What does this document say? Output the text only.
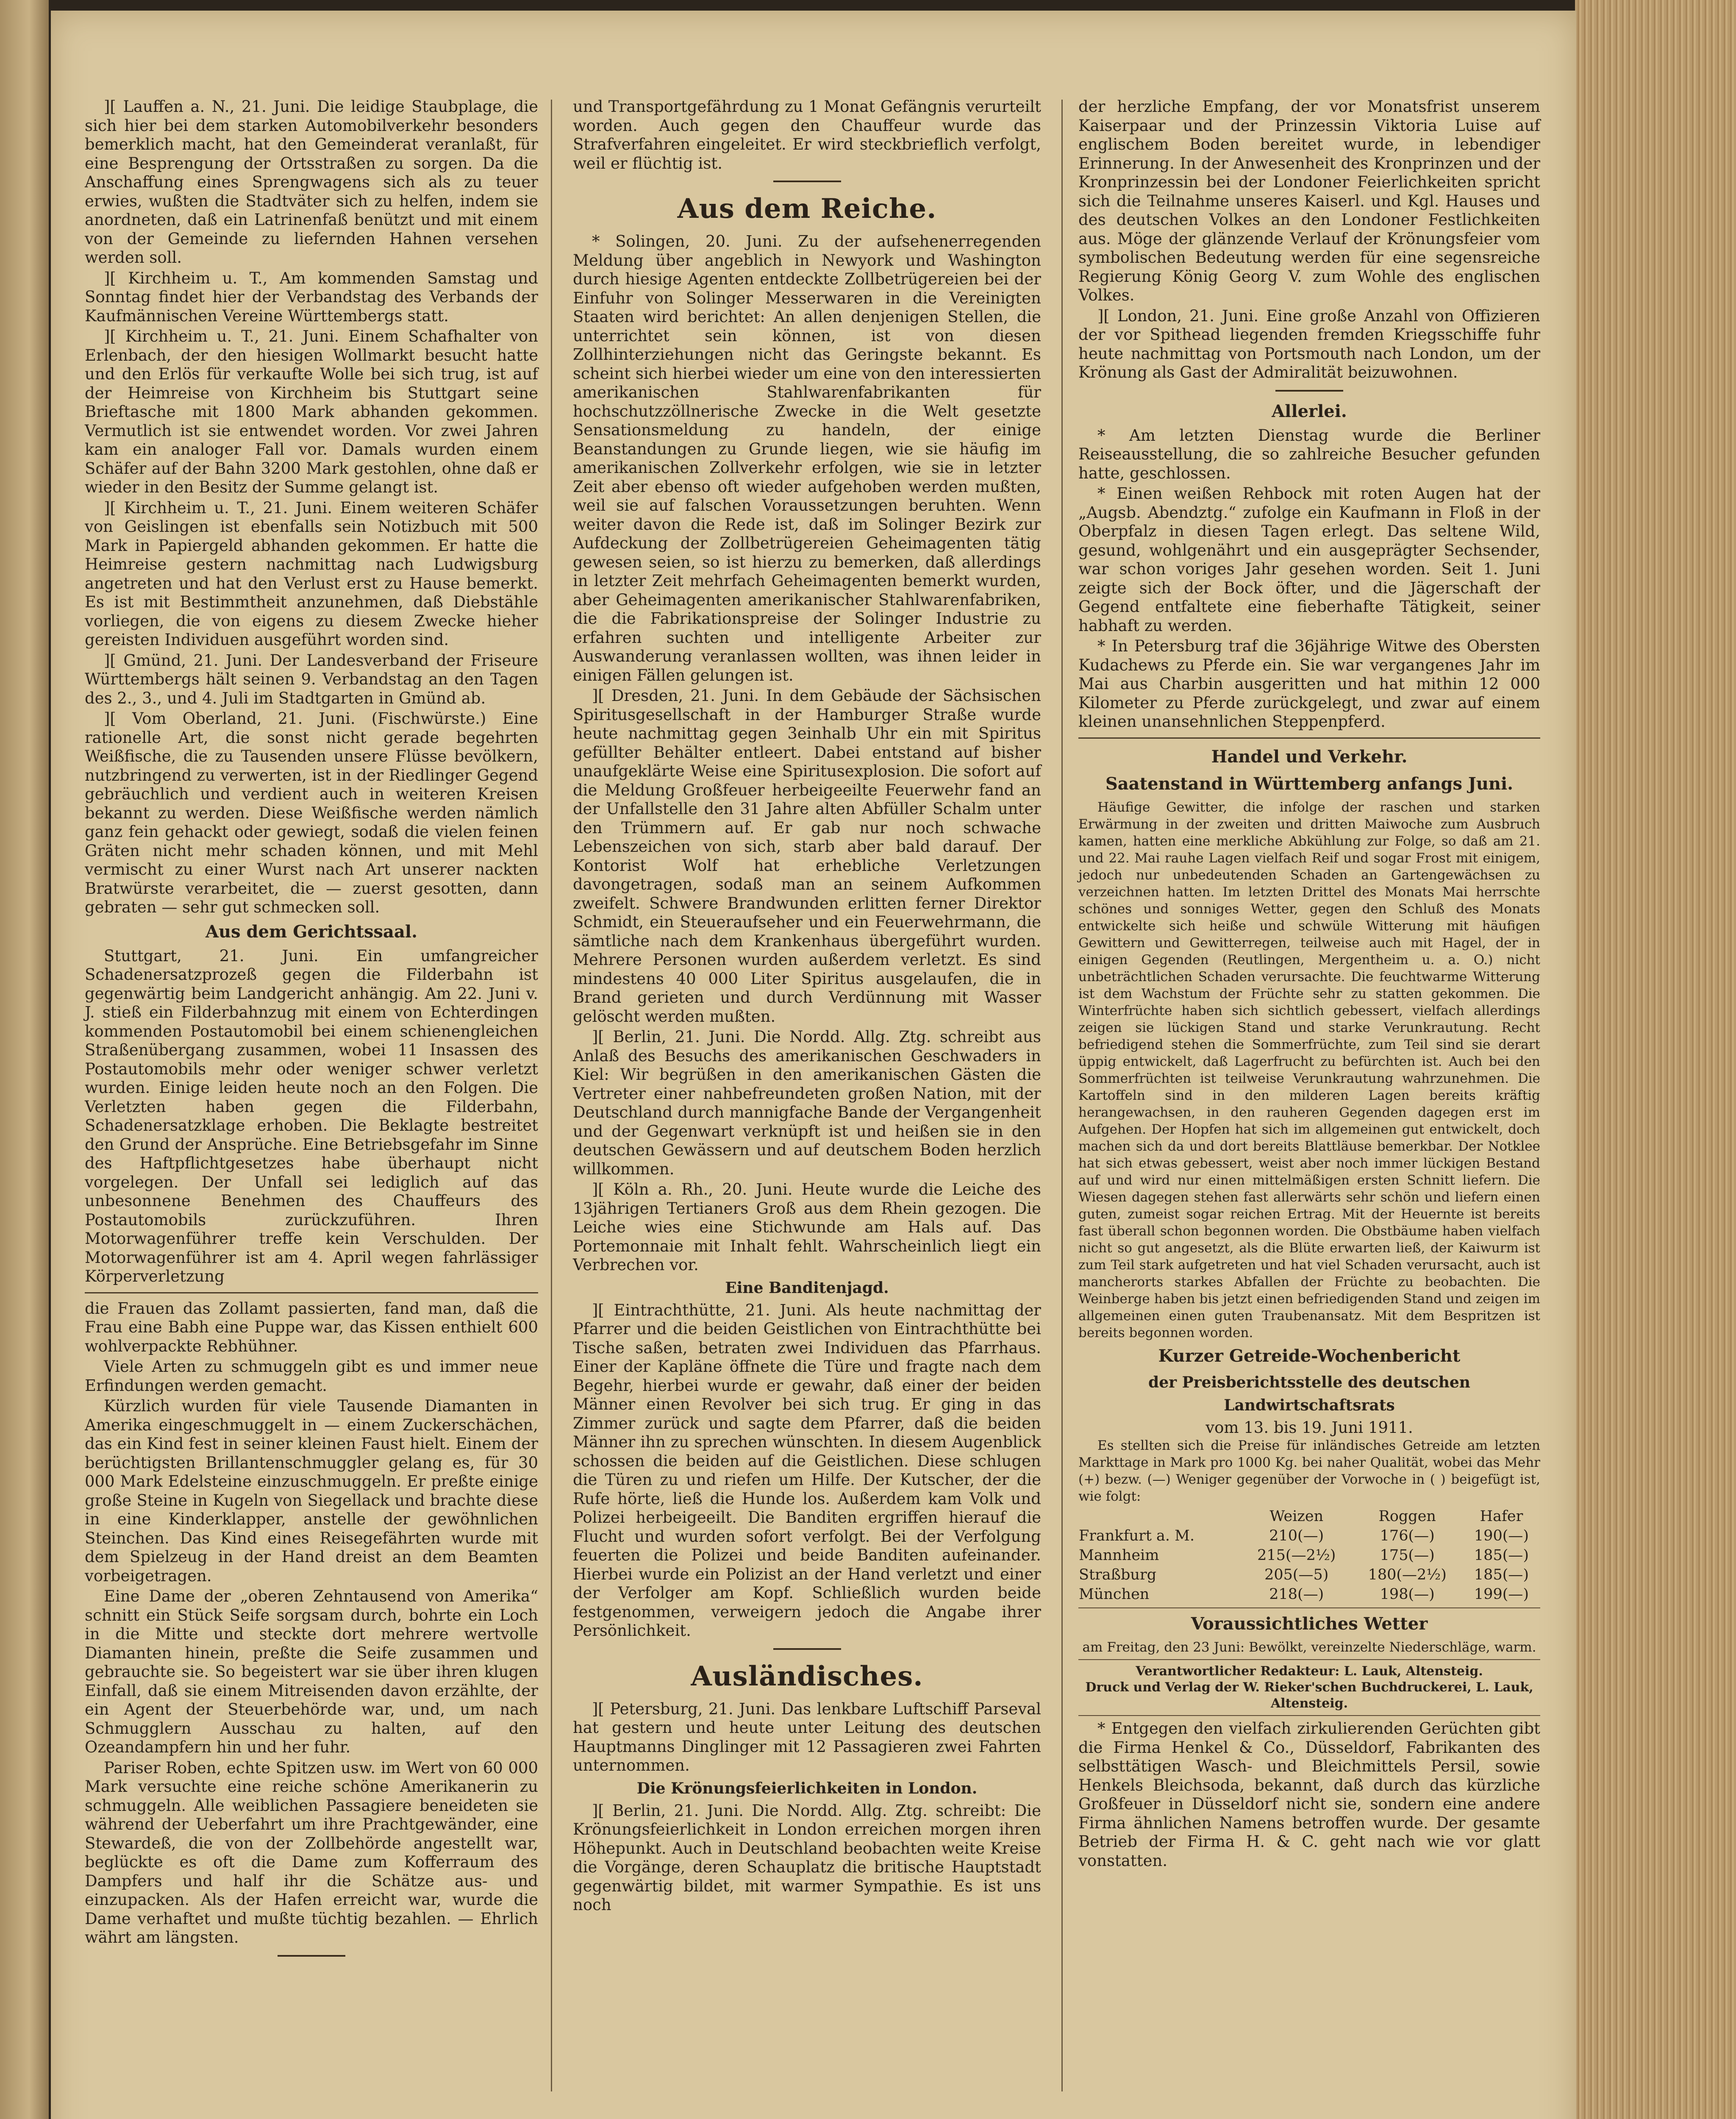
][ Lauffen a. N., 21. Juni. Die leidige Staubplage, die sich hier bei dem starken Automobilverkehr besonders bemerklich macht, hat den Gemeinderat veranlaßt, für eine Besprengung der Ortsstraßen zu sorgen. Da die Anschaffung eines Sprengwagens sich als zu teuer erwies, wußten die Stadtväter sich zu helfen, indem sie anordneten, daß ein Latrinenfaß benützt und mit einem von der Gemeinde zu liefernden Hahnen versehen werden soll.

][ Kirchheim u. T., Am kommenden Samstag und Sonntag findet hier der Verbandstag des Verbands der Kaufmännischen Vereine Württembergs statt.

][ Kirchheim u. T., 21. Juni. Einem Schafhalter von Erlenbach, der den hiesigen Wollmarkt besucht hatte und den Erlös für verkaufte Wolle bei sich trug, ist auf der Heimreise von Kirchheim bis Stuttgart seine Brieftasche mit 1800 Mark abhanden gekommen. Vermutlich ist sie entwendet worden. Vor zwei Jahren kam ein analoger Fall vor. Damals wurden einem Schäfer auf der Bahn 3200 Mark gestohlen, ohne daß er wieder in den Besitz der Summe gelangt ist.

][ Kirchheim u. T., 21. Juni. Einem weiteren Schäfer von Geislingen ist ebenfalls sein Notizbuch mit 500 Mark in Papiergeld abhanden gekommen. Er hatte die Heimreise gestern nachmittag nach Ludwigsburg angetreten und hat den Verlust erst zu Hause bemerkt. Es ist mit Bestimmtheit anzunehmen, daß Diebstähle vorliegen, die von eigens zu diesem Zwecke hieher gereisten Individuen ausgeführt worden sind.

][ Gmünd, 21. Juni. Der Landesverband der Friseure Württembergs hält seinen 9. Verbandstag an den Tagen des 2., 3., und 4. Juli im Stadtgarten in Gmünd ab.

][ Vom Oberland, 21. Juni. (Fischwürste.) Eine rationelle Art, die sonst nicht gerade begehrten Weißfische, die zu Tausenden unsere Flüsse bevölkern, nutzbringend zu verwerten, ist in der Riedlinger Gegend gebräuchlich und verdient auch in weiteren Kreisen bekannt zu werden. Diese Weißfische werden nämlich ganz fein gehackt oder gewiegt, sodaß die vielen feinen Gräten nicht mehr schaden können, und mit Mehl vermischt zu einer Wurst nach Art unserer nackten Bratwürste verarbeitet, die — zuerst gesotten, dann gebraten — sehr gut schmecken soll.

Aus dem Gerichtssaal.

Stuttgart, 21. Juni. Ein umfangreicher Schadenersatzprozeß gegen die Filderbahn ist gegenwärtig beim Landgericht anhängig. Am 22. Juni v. J. stieß ein Filderbahnzug mit einem von Echterdingen kommenden Postautomobil bei einem schienengleichen Straßenübergang zusammen, wobei 11 Insassen des Postautomobils mehr oder weniger schwer verletzt wurden. Einige leiden heute noch an den Folgen. Die Verletzten haben gegen die Filderbahn, Schadenersatzklage erhoben. Die Beklagte bestreitet den Grund der Ansprüche. Eine Betriebsgefahr im Sinne des Haftpflichtgesetzes habe überhaupt nicht vorgelegen. Der Unfall sei lediglich auf das unbesonnene Benehmen des Chauffeurs des Postautomobils zurückzuführen. Ihren Motorwagenführer treffe kein Verschulden. Der Motorwagenführer ist am 4. April wegen fahrlässiger Körperverletzung

die Frauen das Zollamt passierten, fand man, daß die Frau eine Babh eine Puppe war, das Kissen enthielt 600 wohlverpackte Rebhühner.

Viele Arten zu schmuggeln gibt es und immer neue Erfindungen werden gemacht.

Kürzlich wurden für viele Tausende Diamanten in Amerika eingeschmuggelt in — einem Zuckerschächen, das ein Kind fest in seiner kleinen Faust hielt. Einem der berüchtigsten Brillantenschmuggler gelang es, für 30 000 Mark Edelsteine einzuschmuggeln. Er preßte einige große Steine in Kugeln von Siegellack und brachte diese in eine Kinderklapper, anstelle der gewöhnlichen Steinchen. Das Kind eines Reisegefährten wurde mit dem Spielzeug in der Hand dreist an dem Beamten vorbeigetragen.

Eine Dame der „oberen Zehntausend von Amerika“ schnitt ein Stück Seife sorgsam durch, bohrte ein Loch in die Mitte und steckte dort mehrere wertvolle Diamanten hinein, preßte die Seife zusammen und gebrauchte sie. So begeistert war sie über ihren klugen Einfall, daß sie einem Mitreisenden davon erzählte, der ein Agent der Steuerbehörde war, und, um nach Schmugglern Ausschau zu halten, auf den Ozeandampfern hin und her fuhr.

Pariser Roben, echte Spitzen usw. im Wert von 60 000 Mark versuchte eine reiche schöne Amerikanerin zu schmuggeln. Alle weiblichen Passagiere beneideten sie während der Ueberfahrt um ihre Prachtgewänder, eine Stewardeß, die von der Zollbehörde angestellt war, beglückte es oft die Dame zum Kofferraum des Dampfers und half ihr die Schätze aus- und einzupacken. Als der Hafen erreicht war, wurde die Dame verhaftet und mußte tüchtig bezahlen. — Ehrlich währt am längsten.

und Transportgefährdung zu 1 Monat Gefängnis verurteilt worden. Auch gegen den Chauffeur wurde das Strafverfahren eingeleitet. Er wird steckbrieflich verfolgt, weil er flüchtig ist.

Aus dem Reiche.

* Solingen, 20. Juni. Zu der aufsehenerregenden Meldung über angeblich in Newyork und Washington durch hiesige Agenten entdeckte Zollbetrügereien bei der Einfuhr von Solinger Messerwaren in die Vereinigten Staaten wird berichtet: An allen denjenigen Stellen, die unterrichtet sein können, ist von diesen Zollhinterziehungen nicht das Geringste bekannt. Es scheint sich hierbei wieder um eine von den interessierten amerikanischen Stahlwarenfabrikanten für hochschutzzöllnerische Zwecke in die Welt gesetzte Sensationsmeldung zu handeln, der einige Beanstandungen zu Grunde liegen, wie sie häufig im amerikanischen Zollverkehr erfolgen, wie sie in letzter Zeit aber ebenso oft wieder aufgehoben werden mußten, weil sie auf falschen Voraussetzungen beruhten. Wenn weiter davon die Rede ist, daß im Solinger Bezirk zur Aufdeckung der Zollbetrügereien Geheimagenten tätig gewesen seien, so ist hierzu zu bemerken, daß allerdings in letzter Zeit mehrfach Geheimagenten bemerkt wurden, aber Geheimagenten amerikanischer Stahlwarenfabriken, die die Fabrikationspreise der Solinger Industrie zu erfahren suchten und intelligente Arbeiter zur Auswanderung veranlassen wollten, was ihnen leider in einigen Fällen gelungen ist.

][ Dresden, 21. Juni. In dem Gebäude der Sächsischen Spiritusgesellschaft in der Hamburger Straße wurde heute nachmittag gegen 3einhalb Uhr ein mit Spiritus gefüllter Behälter entleert. Dabei entstand auf bisher unaufgeklärte Weise eine Spiritusexplosion. Die sofort auf die Meldung Großfeuer herbeigeeilte Feuerwehr fand an der Unfallstelle den 31 Jahre alten Abfüller Schalm unter den Trümmern auf. Er gab nur noch schwache Lebenszeichen von sich, starb aber bald darauf. Der Kontorist Wolf hat erhebliche Verletzungen davongetragen, sodaß man an seinem Aufkommen zweifelt. Schwere Brandwunden erlitten ferner Direktor Schmidt, ein Steueraufseher und ein Feuerwehrmann, die sämtliche nach dem Krankenhaus übergeführt wurden. Mehrere Personen wurden außerdem verletzt. Es sind mindestens 40 000 Liter Spiritus ausgelaufen, die in Brand gerieten und durch Verdünnung mit Wasser gelöscht werden mußten.

][ Berlin, 21. Juni. Die Nordd. Allg. Ztg. schreibt aus Anlaß des Besuchs des amerikanischen Geschwaders in Kiel: Wir begrüßen in den amerikanischen Gästen die Vertreter einer nahbefreundeten großen Nation, mit der Deutschland durch mannigfache Bande der Vergangenheit und der Gegenwart verknüpft ist und heißen sie in den deutschen Gewässern und auf deutschem Boden herzlich willkommen.

][ Köln a. Rh., 20. Juni. Heute wurde die Leiche des 13jährigen Tertianers Groß aus dem Rhein gezogen. Die Leiche wies eine Stichwunde am Hals auf. Das Portemonnaie mit Inhalt fehlt. Wahrscheinlich liegt ein Verbrechen vor.

Eine Banditenjagd.

][ Eintrachthütte, 21. Juni. Als heute nachmittag der Pfarrer und die beiden Geistlichen von Eintrachthütte bei Tische saßen, betraten zwei Individuen das Pfarrhaus. Einer der Kapläne öffnete die Türe und fragte nach dem Begehr, hierbei wurde er gewahr, daß einer der beiden Männer einen Revolver bei sich trug. Er ging in das Zimmer zurück und sagte dem Pfarrer, daß die beiden Männer ihn zu sprechen wünschten. In diesem Augenblick schossen die beiden auf die Geistlichen. Diese schlugen die Türen zu und riefen um Hilfe. Der Kutscher, der die Rufe hörte, ließ die Hunde los. Außerdem kam Volk und Polizei herbeigeeilt. Die Banditen ergriffen hierauf die Flucht und wurden sofort verfolgt. Bei der Verfolgung feuerten die Polizei und beide Banditen aufeinander. Hierbei wurde ein Polizist an der Hand verletzt und einer der Verfolger am Kopf. Schließlich wurden beide festgenommen, verweigern jedoch die Angabe ihrer Persönlichkeit.

Ausländisches.

][ Petersburg, 21. Juni. Das lenkbare Luftschiff Parseval hat gestern und heute unter Leitung des deutschen Hauptmanns Dinglinger mit 12 Passagieren zwei Fahrten unternommen.

Die Krönungsfeierlichkeiten in London.

][ Berlin, 21. Juni. Die Nordd. Allg. Ztg. schreibt: Die Krönungsfeierlichkeit in London erreichen morgen ihren Höhepunkt. Auch in Deutschland beobachten weite Kreise die Vorgänge, deren Schauplatz die britische Hauptstadt gegenwärtig bildet, mit warmer Sympathie. Es ist uns noch

der herzliche Empfang, der vor Monatsfrist unserem Kaiserpaar und der Prinzessin Viktoria Luise auf englischem Boden bereitet wurde, in lebendiger Erinnerung. In der Anwesenheit des Kronprinzen und der Kronprinzessin bei der Londoner Feierlichkeiten spricht sich die Teilnahme unseres Kaiserl. und Kgl. Hauses und des deutschen Volkes an den Londoner Festlichkeiten aus. Möge der glänzende Verlauf der Krönungsfeier vom symbolischen Bedeutung werden für eine segensreiche Regierung König Georg V. zum Wohle des englischen Volkes.

][ London, 21. Juni. Eine große Anzahl von Offizieren der vor Spithead liegenden fremden Kriegsschiffe fuhr heute nachmittag von Portsmouth nach London, um der Krönung als Gast der Admiralität beizuwohnen.

Allerlei.

* Am letzten Dienstag wurde die Berliner Reiseausstellung, die so zahlreiche Besucher gefunden hatte, geschlossen.

* Einen weißen Rehbock mit roten Augen hat der „Augsb. Abendztg.“ zufolge ein Kaufmann in Floß in der Oberpfalz in diesen Tagen erlegt. Das seltene Wild, gesund, wohlgenährt und ein ausgeprägter Sechsender, war schon voriges Jahr gesehen worden. Seit 1. Juni zeigte sich der Bock öfter, und die Jägerschaft der Gegend entfaltete eine fieberhafte Tätigkeit, seiner habhaft zu werden.

* In Petersburg traf die 36jährige Witwe des Obersten Kudachews zu Pferde ein. Sie war vergangenes Jahr im Mai aus Charbin ausgeritten und hat mithin 12 000 Kilometer zu Pferde zurückgelegt, und zwar auf einem kleinen unansehnlichen Steppenpferd.

Handel und Verkehr.
Saatenstand in Württemberg anfangs Juni.

Häufige Gewitter, die infolge der raschen und starken Erwärmung in der zweiten und dritten Maiwoche zum Ausbruch kamen, hatten eine merkliche Abkühlung zur Folge, so daß am 21. und 22. Mai rauhe Lagen vielfach Reif und sogar Frost mit einigem, jedoch nur unbedeutenden Schaden an Gartengewächsen zu verzeichnen hatten. Im letzten Drittel des Monats Mai herrschte schönes und sonniges Wetter, gegen den Schluß des Monats entwickelte sich heiße und schwüle Witterung mit häufigen Gewittern und Gewitterregen, teilweise auch mit Hagel, der in einigen Gegenden (Reutlingen, Mergentheim u. a. O.) nicht unbeträchtlichen Schaden verursachte. Die feuchtwarme Witterung ist dem Wachstum der Früchte sehr zu statten gekommen. Die Winterfrüchte haben sich sichtlich gebessert, vielfach allerdings zeigen sie lückigen Stand und starke Verunkrautung. Recht befriedigend stehen die Sommerfrüchte, zum Teil sind sie derart üppig entwickelt, daß Lagerfrucht zu befürchten ist. Auch bei den Sommerfrüchten ist teilweise Verunkrautung wahrzunehmen. Die Kartoffeln sind in den milderen Lagen bereits kräftig herangewachsen, in den rauheren Gegenden dagegen erst im Aufgehen. Der Hopfen hat sich im allgemeinen gut entwickelt, doch machen sich da und dort bereits Blattläuse bemerkbar. Der Notklee hat sich etwas gebessert, weist aber noch immer lückigen Bestand auf und wird nur einen mittelmäßigen ersten Schnitt liefern. Die Wiesen dagegen stehen fast allerwärts sehr schön und liefern einen guten, zumeist sogar reichen Ertrag. Mit der Heuernte ist bereits fast überall schon begonnen worden. Die Obstbäume haben vielfach nicht so gut angesetzt, als die Blüte erwarten ließ, der Kaiwurm ist zum Teil stark aufgetreten und hat viel Schaden verursacht, auch ist mancherorts starkes Abfallen der Früchte zu beobachten. Die Weinberge haben bis jetzt einen befriedigenden Stand und zeigen im allgemeinen einen guten Traubenansatz. Mit dem Bespritzen ist bereits begonnen worden.

Kurzer Getreide-Wochenbericht
der Preisberichtsstelle des deutschen Landwirtschaftsrats
vom 13. bis 19. Juni 1911.

Es stellten sich die Preise für inländisches Getreide am letzten Markttage in Mark pro 1000 Kg. bei naher Qualität, wobei das Mehr (+) bezw. (—) Weniger gegenüber der Vorwoche in ( ) beigefügt ist, wie folgt:

	Weizen	Roggen	Hafer
Frankfurt a. M.	210(—)	176(—)	190(—)
Mannheim	215(—2½)	175(—)	185(—)
Straßburg	205(—5)	180(—2½)	185(—)
München	218(—)	198(—)	199(—)
Voraussichtliches Wetter
am Freitag, den 23 Juni: Bewölkt, vereinzelte Niederschläge, warm.
Verantwortlicher Redakteur: L. Lauk, Altensteig.
Druck und Verlag der W. Rieker'schen Buchdruckerei, L. Lauk, Altensteig.

* Entgegen den vielfach zirkulierenden Gerüchten gibt die Firma Henkel & Co., Düsseldorf, Fabrikanten des selbsttätigen Wasch- und Bleichmittels Persil, sowie Henkels Bleichsoda, bekannt, daß durch das kürzliche Großfeuer in Düsseldorf nicht sie, sondern eine andere Firma ähnlichen Namens betroffen wurde. Der gesamte Betrieb der Firma H. & C. geht nach wie vor glatt vonstatten.
